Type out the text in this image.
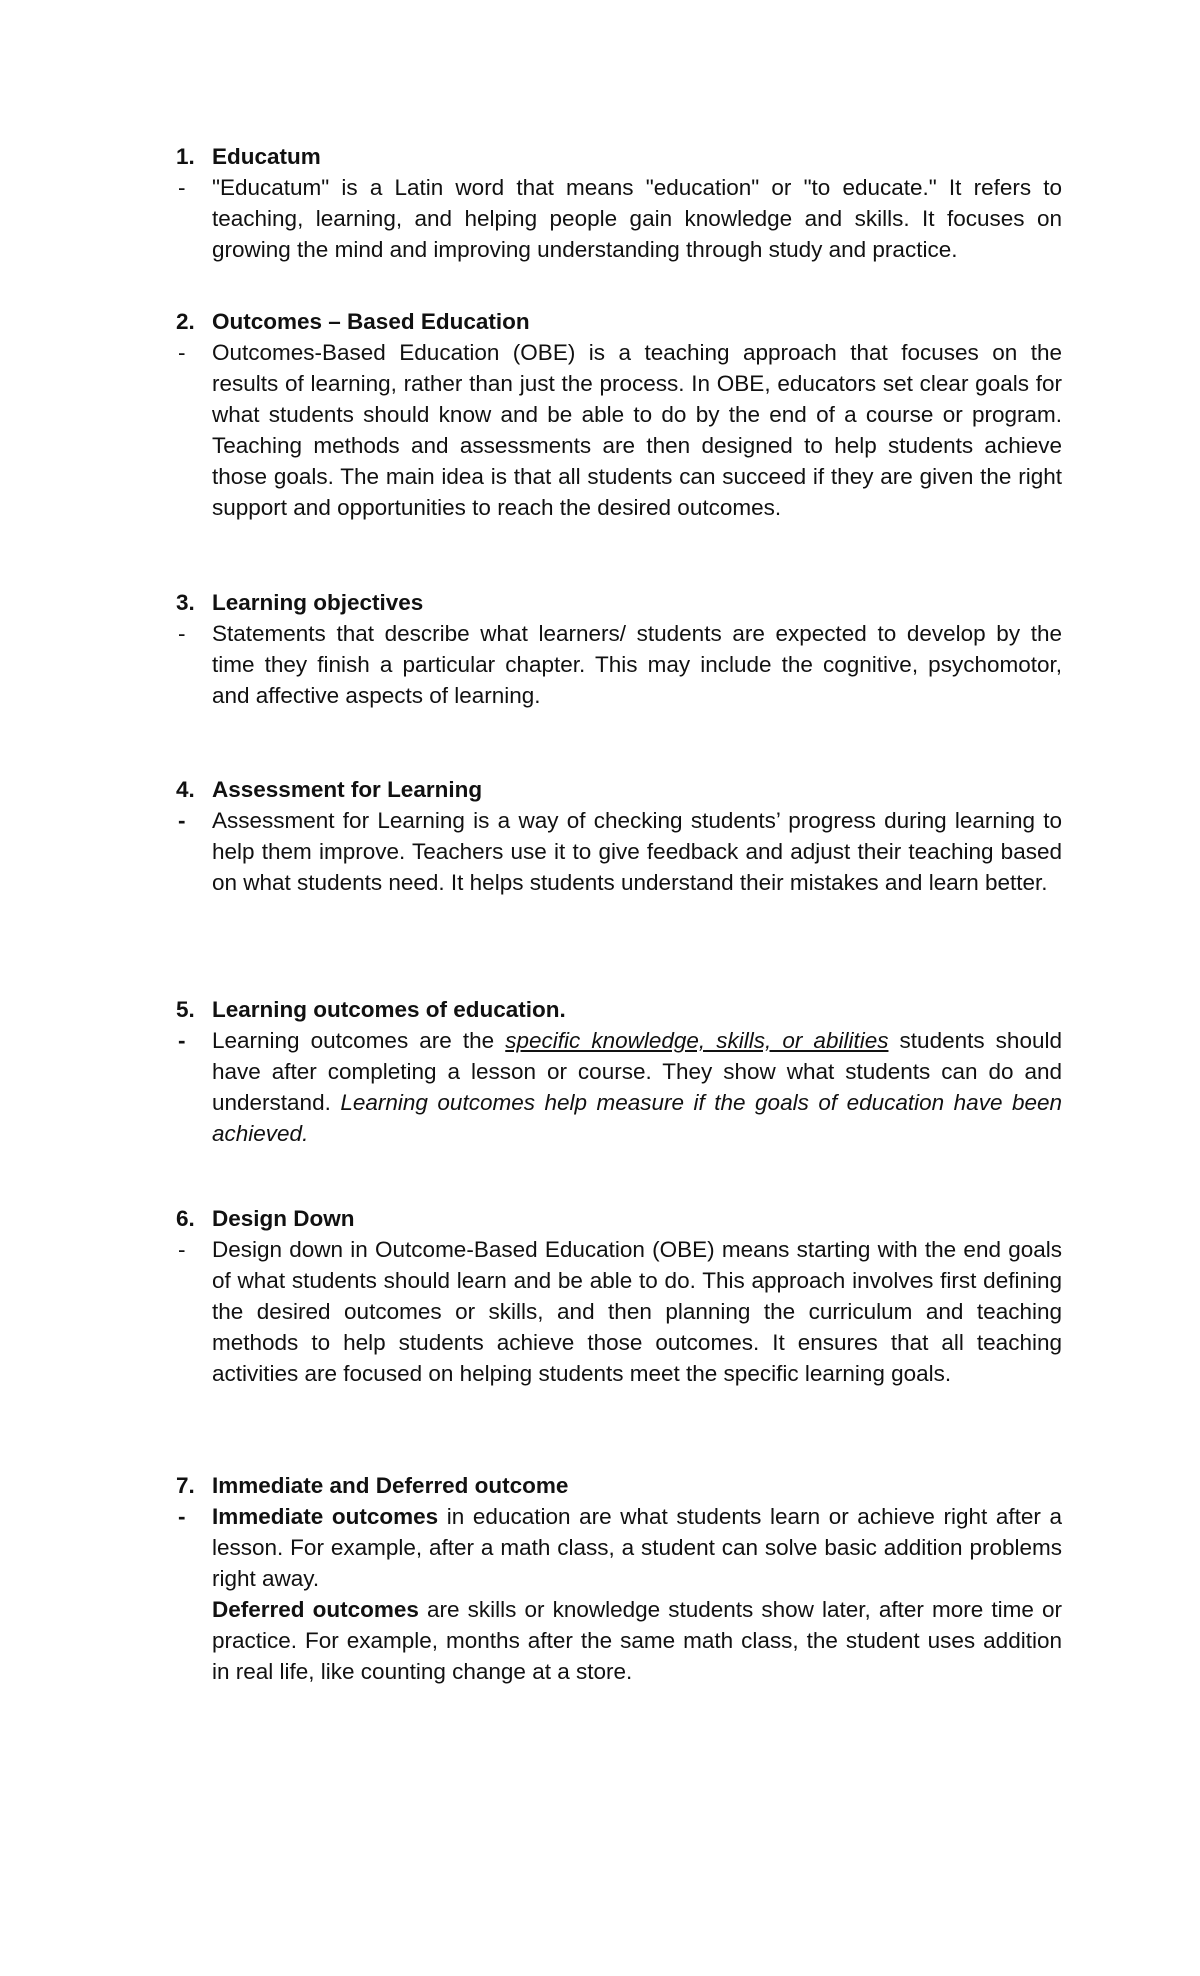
1. Educatum
- "Educatum" is a Latin word that means "education" or "to educate." It refers to teaching, learning, and helping people gain knowledge and skills. It focuses on growing the mind and improving understanding through study and practice.

2. Outcomes – Based Education
- Outcomes-Based Education (OBE) is a teaching approach that focuses on the results of learning, rather than just the process. In OBE, educators set clear goals for what students should know and be able to do by the end of a course or program. Teaching methods and assessments are then designed to help students achieve those goals. The main idea is that all students can succeed if they are given the right support and opportunities to reach the desired outcomes.

3. Learning objectives
- Statements that describe what learners/ students are expected to develop by the time they finish a particular chapter. This may include the cognitive, psychomotor, and affective aspects of learning.

4. Assessment for Learning
- Assessment for Learning is a way of checking students’ progress during learning to help them improve. Teachers use it to give feedback and adjust their teaching based on what students need. It helps students understand their mistakes and learn better.

5. Learning outcomes of education.
- Learning outcomes are the specific knowledge, skills, or abilities students should have after completing a lesson or course. They show what students can do and understand. Learning outcomes help measure if the goals of education have been achieved.

6. Design Down
- Design down in Outcome-Based Education (OBE) means starting with the end goals of what students should learn and be able to do. This approach involves first defining the desired outcomes or skills, and then planning the curriculum and teaching methods to help students achieve those outcomes. It ensures that all teaching activities are focused on helping students meet the specific learning goals.

7. Immediate and Deferred outcome
- Immediate outcomes in education are what students learn or achieve right after a lesson. For example, after a math class, a student can solve basic addition problems right away.

Deferred outcomes are skills or knowledge students show later, after more time or practice. For example, months after the same math class, the student uses addition in real life, like counting change at a store.
